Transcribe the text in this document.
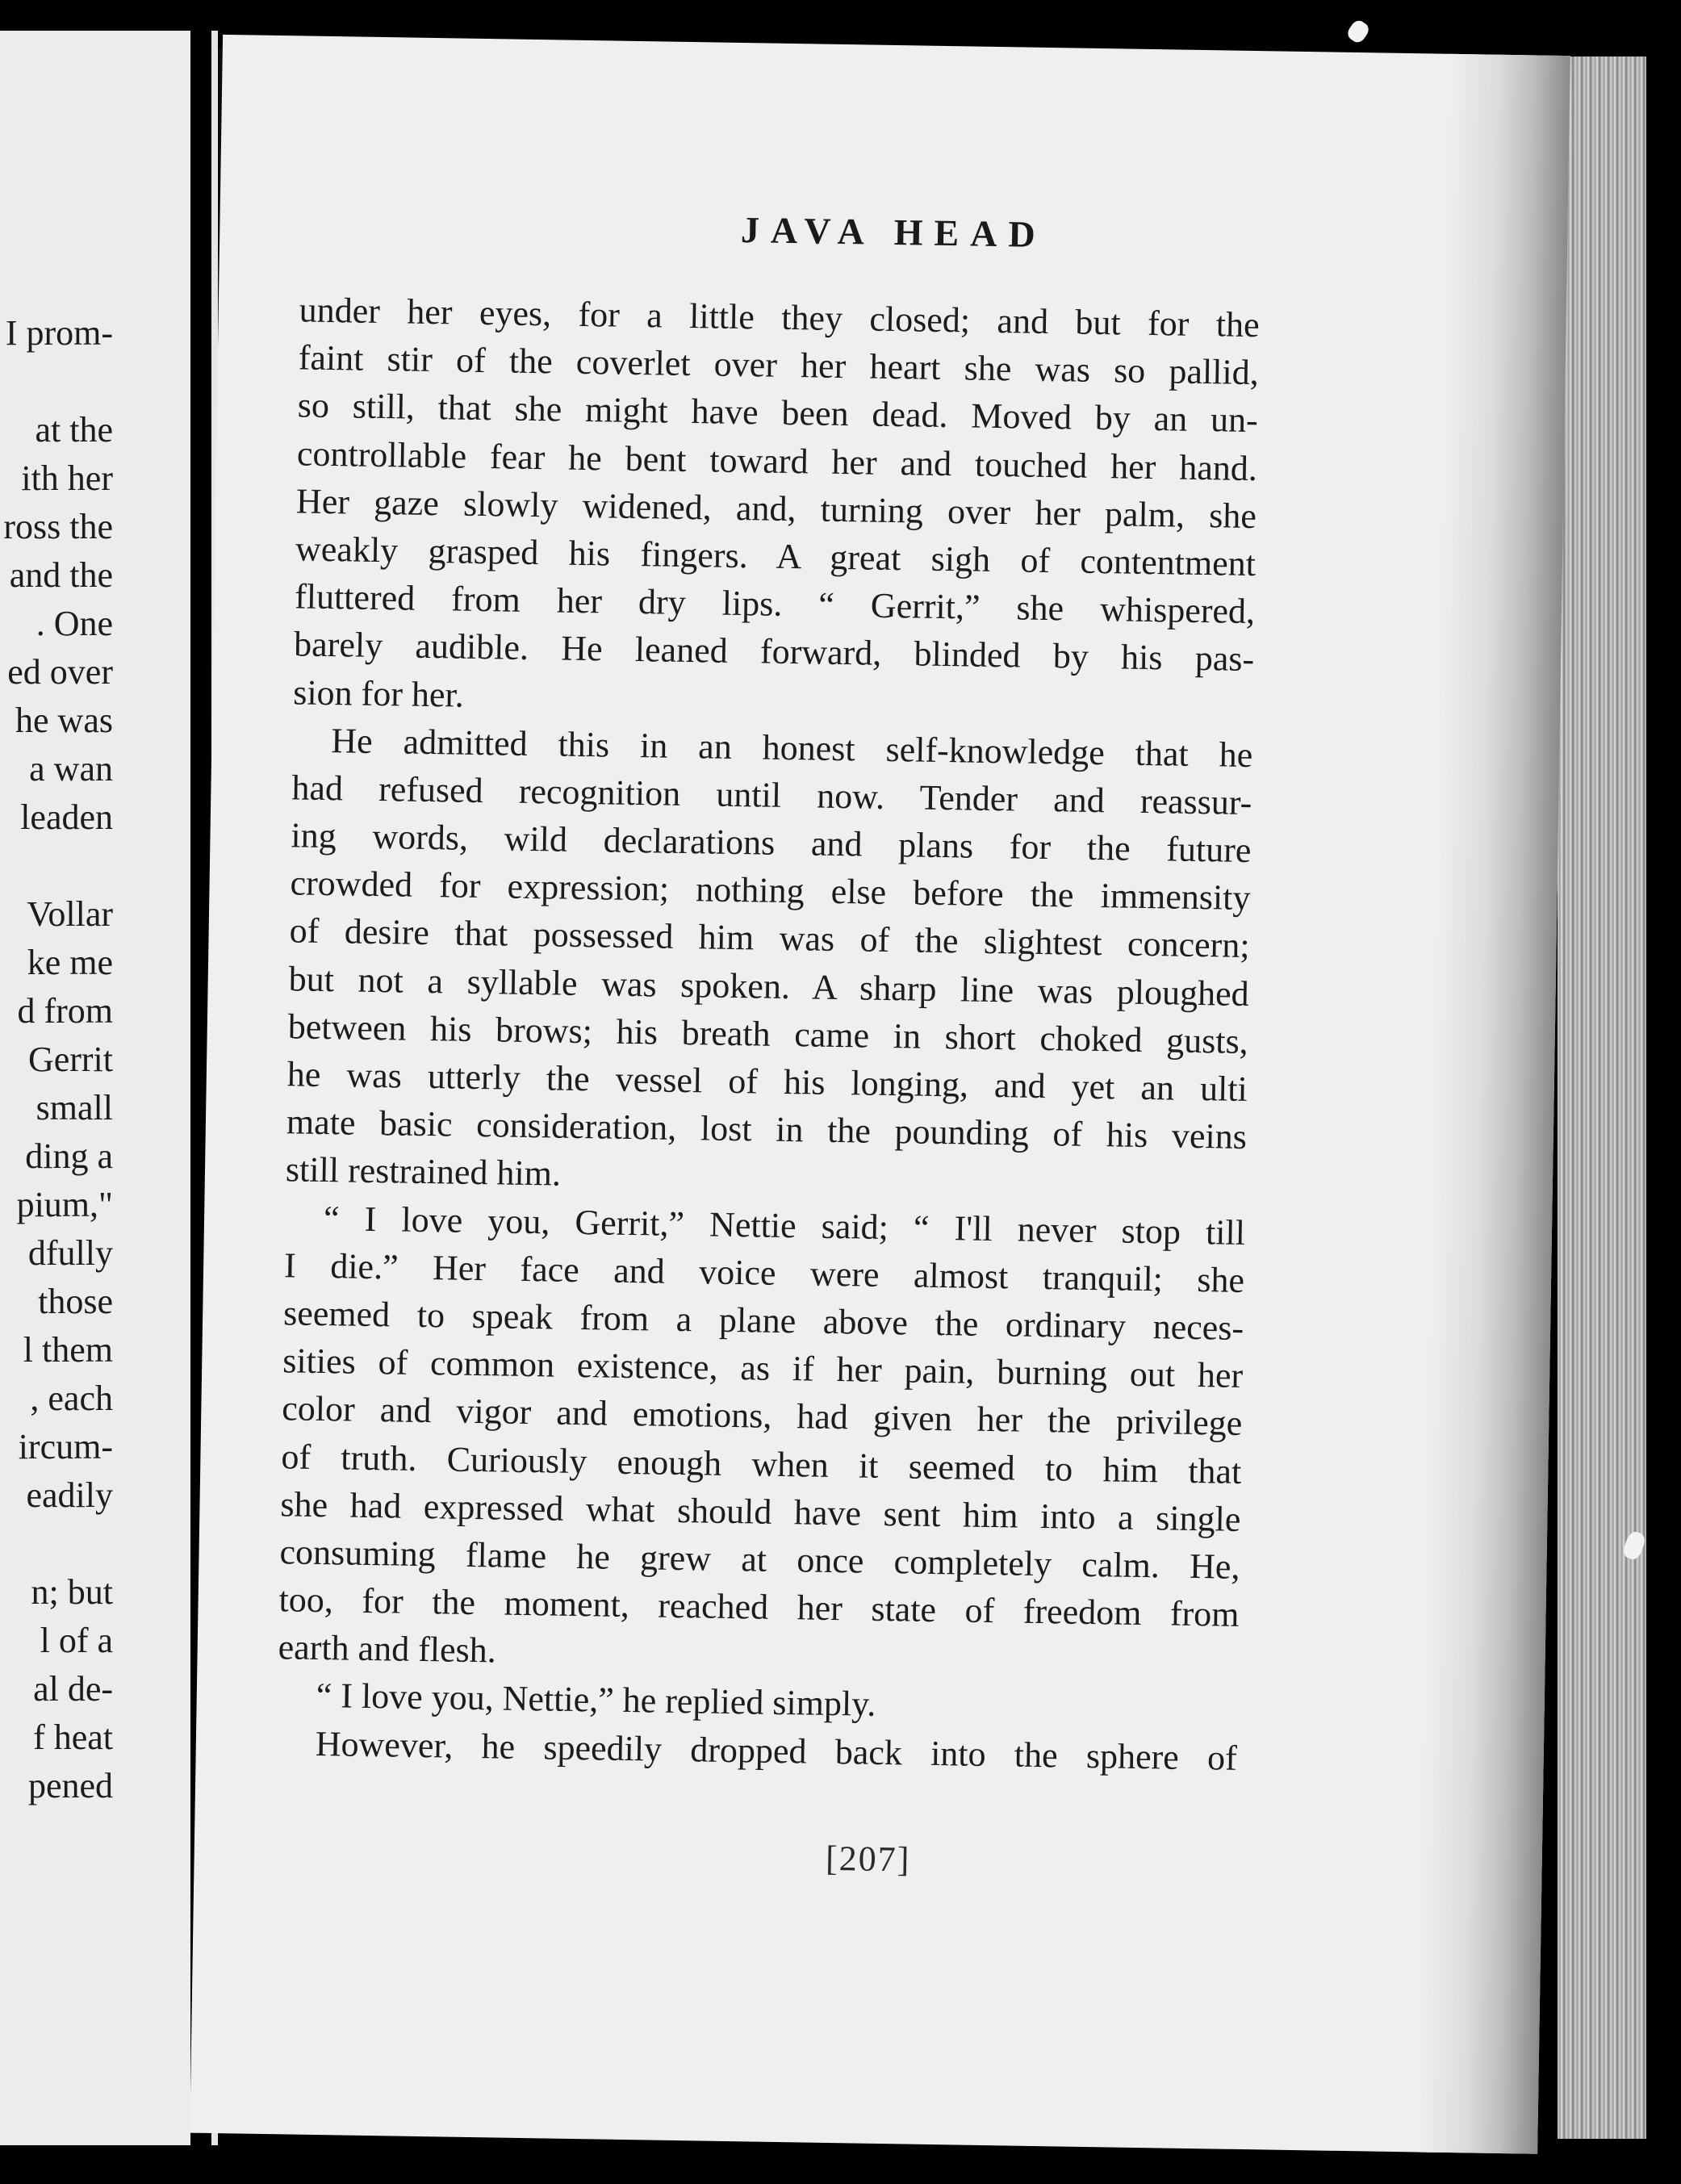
I prom-
at the
ith her
ross the
and the
. One
ed over
he was
a wan
leaden
Vollar
ke me
d from
Gerrit
small
ding a
pium,"
dfully
those
l them
, each
ircum-
eadily
n; but
l of a
al de-
f heat
pened
JAVA HEAD
under her eyes, for a little they closed; and but for the
faint stir of the coverlet over her heart she was so pallid,
so still, that she might have been dead. Moved by an un-
controllable fear he bent toward her and touched her hand.
Her gaze slowly widened, and, turning over her palm, she
weakly grasped his fingers. A great sigh of contentment
fluttered from her dry lips. “ Gerrit,” she whispered,
barely audible. He leaned forward, blinded by his pas-
sion for her.
He admitted this in an honest self-knowledge that he
had refused recognition until now. Tender and reassur-
ing words, wild declarations and plans for the future
crowded for expression; nothing else before the immensity
of desire that possessed him was of the slightest concern;
but not a syllable was spoken. A sharp line was ploughed
between his brows; his breath came in short choked gusts,
he was utterly the vessel of his longing, and yet an ulti
mate basic consideration, lost in the pounding of his veins
still restrained him.
“ I love you, Gerrit,” Nettie said; “ I'll never stop till
I die.” Her face and voice were almost tranquil; she
seemed to speak from a plane above the ordinary neces-
sities of common existence, as if her pain, burning out her
color and vigor and emotions, had given her the privilege
of truth. Curiously enough when it seemed to him that
she had expressed what should have sent him into a single
consuming flame he grew at once completely calm. He,
too, for the moment, reached her state of freedom from
earth and flesh.
“ I love you, Nettie,” he replied simply.
However, he speedily dropped back into the sphere of
[207]
